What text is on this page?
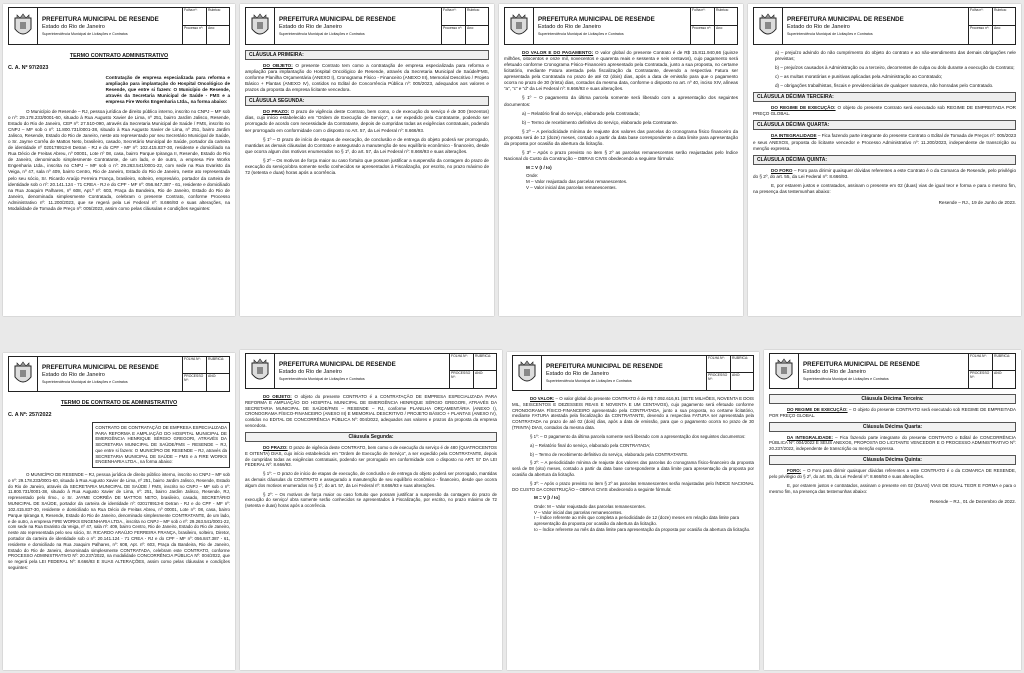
PREFEITURA MUNICIPAL DE RESENDE
Estado do Rio de Janeiro
Superintendência Municipal de Licitações e Contratos
Folha nº:	Rubrica:
Processo nº:	Ano:
TERMO CONTRATO ADMINISTRATIVO
C. A. Nº 97/2023
Contratação de empresa especializada para reforma e ampliação para implantação do Hospital Oncológico de Resende, que entre si fazem: O Município de Resende, através da Secretaria Municipal de Saúde - FMS e a empresa Fire Works Engenharia Ltda., na forma abaixo:

O Município de Resende – RJ, pessoa jurídica de direito público interno, inscrito no CNPJ – MF sob o nº: 29.178.233/0001-60, situado à Rua Augusto Xavier de Lima, nº 251, bairro Jardim Jalisco, Resende, Estado do Rio de Janeiro, CEP nº: 27.510-090, através da Secretaria Municipal de Saúde / FMS, inscrito no CNPJ – MF sob o nº: 11.800.731/0001-38, situado à Rua Augusto Xavier de Lima, nº 251, bairro Jardim Jalisco, Resende, Estado do Rio de Janeiro, neste ato representado por seu Secretário Municipal de Saúde, o Sr. Jayme Corrêa de Mattos Neto, brasileiro, casado, Secretário Municipal de Saúde, portador da carteira de identidade nº 020178913-8 Detran - RJ e do CPF - MF nº: 102.415.837-30, residente e domiciliado na Rua Décio de Freitas Abreu, nº 00001, Lote nº 08, casa, bairro Parque Ipiranga II, Resende, Estado do Rio de Janeiro, denominado simplesmente Contratante, de um lado, e de outro, a empresa Fire Works Engenharia Ltda., inscrita no CNPJ – MF sob o nº: 29.263.541/0001-22, com sede na Rua Evaristo da Veiga, nº 47, sala nº 409, bairro Centro, Rio de Janeiro, Estado do Rio de Janeiro, neste ato representada pelo seu sócio, Sr. Ricardo Araújo Ferreira França, brasileiro, solteiro, empresário, portador da carteira de identidade sob o nº: 20.141.124 - 71 CREA - RJ e do CPF - MF nº: 056.847.387 - 61, residente e domiciliado na Rua Joaquim Palhares, nº 608, Apt.º nº: 603, Praça da Bandeira, Rio de Janeiro, Estado do Rio de Janeiro, denominada simplesmente Contratada, celebram o presente Contrato, conforme Processo Administrativo nº: 11.200/2023, que se regerá pela Lei Federal nº: 8.666/93 e suas alterações, na Modalidade de Tomada de Preço nº: 005/2023, assim como pelas cláusulas e condições seguintes:

PREFEITURA MUNICIPAL DE RESENDE
Estado do Rio de Janeiro
Superintendência Municipal de Licitações e Contratos
Folha nº:	Rubrica:
Processo nº:	Ano:
CLÁUSULA PRIMEIRA:

DO OBJETO: O presente Contrato tem como a contratação de empresa especializada para reforma e ampliação para implantação do Hospital Oncológico de Resende, através da Secretaria Municipal de Saúde/FMS, conforme Planilha Orçamentária (ANEXO I), Cronograma Físico - Financeiro (ANEXO III), Memorial Descritivo / Projeto Básico + Plantas (ANEXO IV), contidos no Edital de Concorrência Pública nº: 005/2023, adequados aos valores e prazos da proposta da empresa licitante vencedora.

CLÁUSULA SEGUNDA:

DO PRAZO: O prazo de vigência deste Contrato, bem como, o de execução do serviço é de 300 (trezentos) dias, cujo início estabelecido em “Ordem de Execução de Serviço”, a ser expedido pela Contratante, podendo ser prorrogado de acordo com necessidade da Contratante, depois de cumpridas todas as exigências contratuais, podendo ser prorrogado em conformidade com o disposto no Art. 57, da Lei Federal nº: 8.666/93.

§ 1º – O prazo de início de etapas de execução, de conclusão e de entrega do objeto poderá ser prorrogado, mantidas as demais cláusulas do Contrato e assegurado a manutenção de seu equilíbrio econômico - financeiro, desde que ocorra algum dos motivos enumerados no § 1º, do art. 57, da Lei Federal nº: 8.666/93 e suas alterações.

§ 2º – Os motivos de força maior ou caso fortuito que possam justificar a suspensão da contagem do prazo de execução do serviço/obra somente serão conhecidos se apresentados à Fiscalização, por escrito, no prazo máximo de 72 (setenta e duas) horas após a ocorrência.

PREFEITURA MUNICIPAL DE RESENDE
Estado do Rio de Janeiro
Superintendência Municipal de Licitações e Contratos
Folha nº:	Rubrica:
Processo nº:	Ano:

DO VALOR E DO PAGAMENTO: O valor global do presente Contrato é de R$ 15.811.940,66 (quinze milhões, oitocentos e onze mil, novecentos e quarenta reais e sessenta e seis centavos), cujo pagamento será efetuado conforme Cronograma Físico-Financeiro apresentado pela Contratada, junto a sua proposta, no certame licitatório, mediante Fatura atestada pela fiscalização da Contratante, devendo a respectiva Fatura ser apresentada pela Contratada no prazo de até 02 (dois) dias, após a data de emissão para que o pagamento ocorra no prazo de 30 (trinta) dias, contados da mesma data, conforme o disposto no art. nº 40, inciso XIV, alíneas “a”, “c” e “d” da Lei Federal nº: 8.666/93 e suas alterações.

§ 1º – O pagamento da última parcela somente será liberado com a apresentação dos seguintes documentos:

a) – Relatório final do serviço, elaborado pela Contratada;

b) – Termo de recebimento definitivo do serviço, elaborado pela Contratante.

§ 2º – A periodicidade mínima de reajuste dos valores das parcelas do cronograma físico financeiro da proposta será de 12 (doze) meses, contado a partir da data base correspondente a data limite para apresentação da proposta por ocasião da abertura da licitação.

§ 3º – Após o prazo previsto no item § 2º as parcelas remanescentes serão reajustadas pelo Índice Nacional do Custo da Construção – OBRAS CIVIS obedecendo a seguinte fórmula:

M = V (I / Io)
Onde:
M – Valor reajustado das parcelas remanescentes.
V – Valor inicial das parcelas remanescentes.
PREFEITURA MUNICIPAL DE RESENDE
Estado do Rio de Janeiro
Superintendência Municipal de Licitações e Contratos
Folha nº:	Rubrica:
Processo nº:	Ano:

a) – prejuízo advindo do não cumprimento do objeto do contrato e ao não-atendimento das demais obrigações nele previstas;

b) – prejuízos causados à Administração ou a terceiro, decorrentes de culpa ou dolo durante a execução do Contrato;

c) – as multas moratórias e punitivas aplicadas pela Administração ao Contratado;

d) – obrigações trabalhistas, fiscais e previdenciárias de qualquer natureza, não honradas pelo Contratado.

CLÁUSULA DÉCIMA TERCEIRA:

DO REGIME DE EXECUÇÃO: O objeto do presente Contrato será executado sob REGIME DE EMPREITADA POR PREÇO GLOBAL.

CLÁUSULA DÉCIMA QUARTA:

DA INTEGRALIDADE – Fica fazendo parte integrante do presente Contrato o Edital de Tomada de Preços nº: 005/2023 e seus ANEXOS, proposta do licitante vencedor e Processo Administrativo nº: 11.200/2023, independente de transcrição ou menção expressa.

CLÁUSULA DÉCIMA QUINTA:

DO FORO – Foro para dirimir quaisquer dúvidas referentes a este Contrato é o da Comarca de Resende, pelo privilégio do § 2º, do art. 55, da Lei Federal nº: 8.666/93.

E, por estarem justos e contratados, assinam o presente em 02 (duas) vias de igual teor e forma e para o mesmo fim, na presença das testemunhas abaixo:

Resende – RJ., 19 de Junho de 2023.
PREFEITURA MUNICIPAL DE RESENDE
Estado do Rio de Janeiro
Superintendência Municipal de Licitações e Contratos
FOLHA Nº:	RUBRICA:
PROCESSO Nº:
ANO:
TERMO DE CONTRATO DE ADMINISTRATIVO
C. A Nº: 257/2022
CONTRATO DE CONTRATAÇÃO DE EMPRESA ESPECIALIZADA PARA REFORMA E AMPLIAÇÃO DO HOSPITAL MUNICIPAL DE EMERGÊNCIA HENRIQUE SÉRGIO GREGORI, ATRAVÉS DA SECRETARIA MUNICIPAL DE SAÚDE/FMS – RESENDE – RJ, que entre si fazem: O MUNICÍPIO DE RESENDE – RJ, através da SECRETARIA MUNICIPAL DE SAÚDE – FMS e a FIRE WORKS ENGENHARIA LTDA., na forma abaixo:

O MUNICÍPIO DE RESENDE – RJ, pessoa jurídica de direito público interno, inscrito no CNPJ – MF sob o nº: 29.178.233/0001-60, situado à Rua Augusto Xavier de Lima, nº 251, bairro Jardim Jalisco, Resende, Estado do Rio de Janeiro, através da SECRETARIA MUNICIPAL DE SAÚDE / FMS, inscrito no CNPJ – MF sob o nº: 11.800.731/0001-38, situado à Rua Augusto Xavier de Lima, nº: 251, bairro Jardim Jalisco, Resende, RJ, representado pelo Ilmo., o Sr. JAYME CORRÊA DE MATTOS NETO, brasileiro, casado, SECRETÁRIO MUNICIPAL DE SAÚDE, portador da carteira de identidade nº: 020178913-8 Detran - RJ e do CPF - MF nº: 102.415.837-30, residente e domiciliado na Rua Décio de Freitas Abreu, nº 00001, Lote nº: 08, casa, bairro Parque Ipiranga II, Resende, Estado do Rio de Janeiro, denominado simplesmente CONTRATANTE, de um lado, e de outro, a empresa FIRE WORKS ENGENHARIA LTDA., inscrita no CNPJ – MF sob o nº: 29.263.541/0001-22, com sede na Rua Evaristo da Veiga, nº 47, sala nº: 409, bairro Centro, Rio de Janeiro, Estado do Rio de Janeiro, neste ato representada pelo seu sócio, Sr. RICARDO ARAÚJO FERREIRA FRANÇA, brasileiro, solteiro, Diretor, portador da carteira de identidade sob o nº: 20.141.124 - 71 CREA - RJ e do CPF - MF nº: 056.847.387 - 61, residente e domiciliado na Rua Joaquim Palhares, nº: 608, Apt. nº: 603, Praça da Bandeira, Rio de Janeiro, Estado do Rio de Janeiro, denominada simplesmente CONTRATADA, celebram este CONTRATO, conforme PROCESSO ADMINISTRATIVO Nº: 20.237/2022, na modalidade CONCORRÊNCIA PÚBLICA Nº: 004/2022, que se regerá pela LEI FEDERAL Nº: 8.666/93 E SUAS ALTERAÇÕES, assim como pelas cláusulas e condições seguintes:

PREFEITURA MUNICIPAL DE RESENDE
Estado do Rio de Janeiro
Superintendência Municipal de Licitações e Contratos
FOLHA Nº:	RUBRICA:
PROCESSO Nº:
ANO:

DO OBJETO: O objeto do presente CONTRATO é a CONTRATAÇÃO DE EMPRESA ESPECIALIZADA PARA REFORMA E AMPLIAÇÃO DO HOSPITAL MUNICIPAL DE EMERGÊNCIA HENRIQUE SÉRGIO GREGORI, ATRAVÉS DA SECRETARIA MUNICIPAL DE SAÚDE/FMS – RESENDE – RJ, conforme PLANILHA ORÇAMENTÁRIA (ANEXO I), CRONOGRAMA FÍSICO-FINANCEIRO (ANEXO III) E MEMORIAL DESCRITIVO / PROJETO BÁSICO + PLANTAS (ANEXO IV), contidos no EDITAL DE CONCORRÊNCIA PÚBLICA Nº: 004/2022, adequados aos valores e prazos da proposta da empresa vencedora.

Cláusula Segunda:

DO PRAZO: O prazo de vigência deste CONTRATO, bem como o de execução do serviço é de 480 (QUATROCENTOS E OITENTA) DIAS, cujo início estabelecido em “Ordem de Execução de Serviço”, a ser expedido pela CONTRATANTE, depois de cumpridas todas as exigências contratuais, podendo ser prorrogado em conformidade com o disposto no ART. 57 DA LEI FEDERAL Nº: 8.666/93.

§ 1º: – O prazo de início de etapas de execução, de conclusão e de entrega do objeto poderá ser prorrogado, mantidas as demais cláusulas do CONTRATO e assegurado a manutenção de seu equilíbrio econômico - financeiro, desde que ocorra algum dos motivos enumerados no § 1º, do art. 57, da Lei Federal nº: 8.666/93 e suas alterações.

§ 2º: – Os motivos de força maior ou caso fortuito que possam justificar a suspensão da contagem do prazo de execução do serviço/ obra somente serão conhecidos se apresentados à Fiscalização, por escrito, no prazo máximo de 72 (setenta e duas) horas após a ocorrência.

PREFEITURA MUNICIPAL DE RESENDE
Estado do Rio de Janeiro
Superintendência Municipal de Licitações e Contratos
FOLHA Nº:	RUBRICA:
PROCESSO Nº:
ANO:

DO VALOR: – O valor global do presente CONTRATO é de R$ 7.092.616,91 (SETE MILHÕES, NOVENTA E DOIS MIL, SEISCENTOS E DEZESSEIS REAIS E NOVENTA E UM CENTAVOS), cujo pagamento será efetuado conforme CRONOGRAMA FÍSICO-FINANCEIRO apresentado pela CONTRATADA, junto a sua proposta, no certame licitatório, mediante FATURA atestada pela fiscalização da CONTRATANTE, devendo a respectiva FATURA ser apresentada pela CONTRATADA no prazo de até 02 (dois) dias, após a data de emissão, para que o pagamento ocorra no prazo de 30 (TRINTA) DIAS, contados da mesma data.

§ 1º: – O pagamento da última parcela somente será liberado com a apresentação dos seguintes documentos:

a) – Relatório final do serviço, elaborado pela CONTRATADA;

b) – Termo de recebimento definitivo do serviço, elaborado pela CONTRATANTE.

§ 2º: – A periodicidade mínima de reajuste dos valores das parcelas do cronograma físico-financeiro da proposta será de 08 (oito) meses, contado a partir da data base correspondente a data limite para apresentação da proposta por ocasião da abertura da licitação.

§ 3º: – Após o prazo previsto no item § 2º as parcelas remanescentes serão reajustadas pelo ÍNDICE NACIONAL DO CUSTO DA CONSTRUÇÃO – OBRAS CIVIS obedecendo a seguinte fórmula:

M = V [I / Io]
Onde: M – Valor reajustado das parcelas remanescentes.
V – Valor inicial das parcelas remanescentes.
I – Índice referente ao mês que completa a periodicidade de 12 (doze) meses em relação data limite para apresentação da proposta por ocasião da abertura da licitação.
Io – Índice referente ao mês da data limite para apresentação da proposta por ocasião da abertura da licitação.
PREFEITURA MUNICIPAL DE RESENDE
Estado do Rio de Janeiro
Superintendência Municipal de Licitações e Contratos
FOLHA Nº:	RUBRICA:
PROCESSO Nº:
ANO:
Cláusula Décima Terceira:

DO REGIME DE EXECUÇÃO: – O objeto do presente CONTRATO será executado sob REGIME DE EMPREITADA POR PREÇO GLOBAL.

Cláusula Décima Quarta:

DA INTEGRALIDADE: – Fica fazendo parte integrante do presente CONTRATO o Edital de CONCORRÊNCIA PÚBLICA Nº: 004/2022 E SEUS ANEXOS, PROPOSTA DO LICITANTE VENCEDOR E O PROCESSO ADMINISTRATIVO Nº: 20.237/2022, independente de transcrição ou menção expressa.

Cláusula Décima Quinta:

FORO: – O Foro para dirimir quaisquer dúvidas referentes a este CONTRATO é o da COMARCA DE RESENDE, pelo privilégio do § 2º, do art. 55, da Lei Federal nº: 8.666/93 e suas alterações.

E, por estarem justos e contratados, assinam o presente em 02 (DUAS) VIAS DE IGUAL TEOR E FORMA e para o mesmo fim, na presença das testemunhas abaixo:

Resende – RJ., 01 de Dezembro de 2022.
